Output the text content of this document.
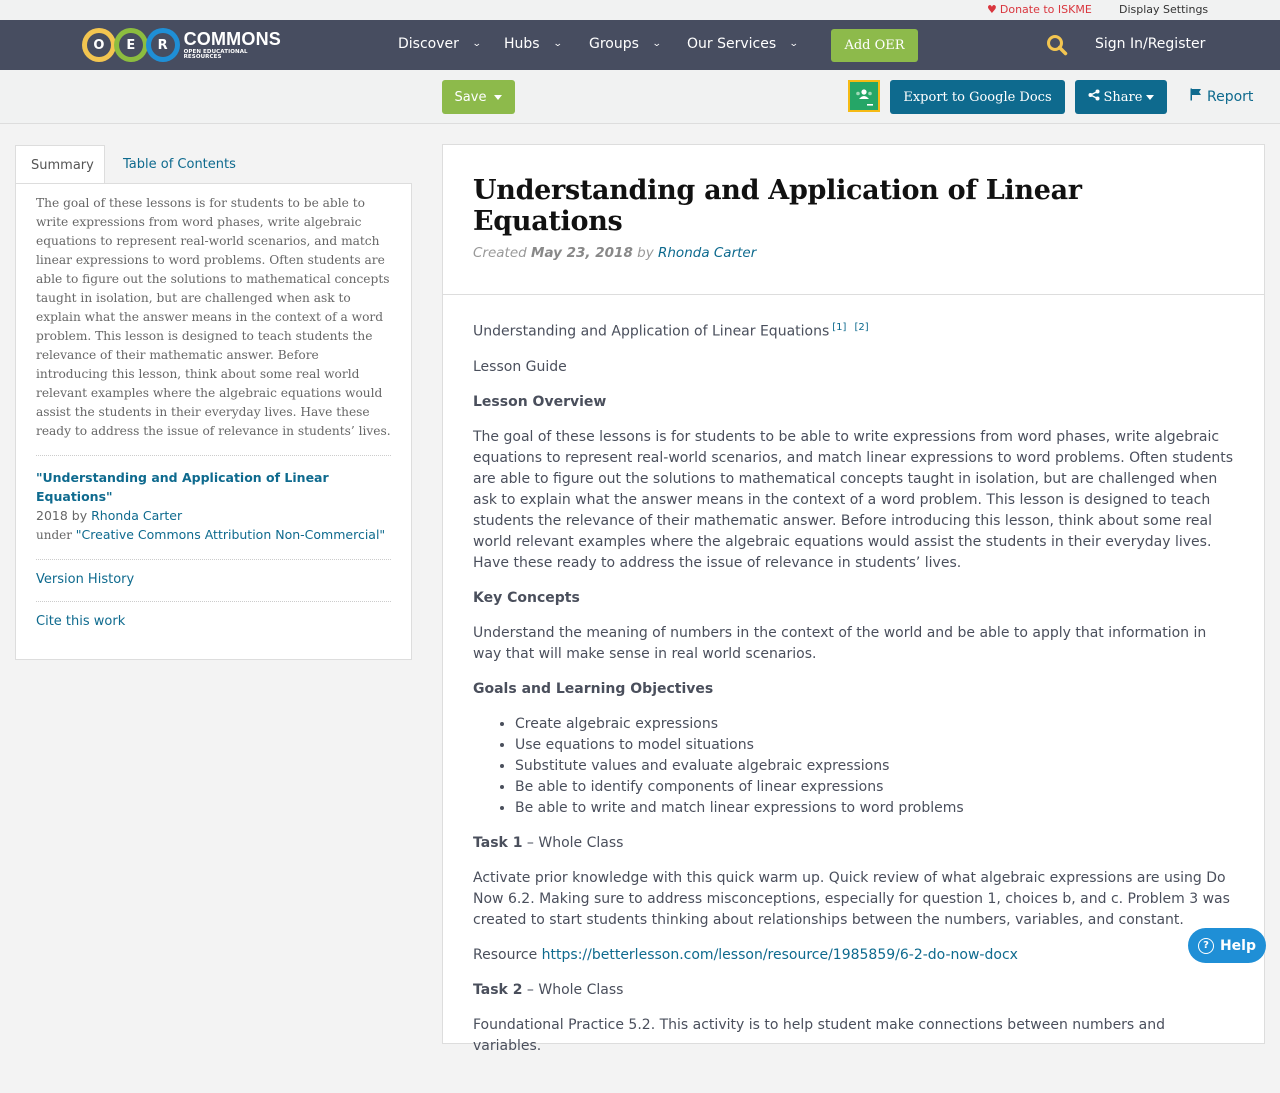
♥ Donate to ISKME Display Settings
O	E	R COMMONS
OPEN EDUCATIONAL RESOURCES
Discover ⌄ Hubs ⌄ Groups ⌄ Our Services ⌄	Add OER	Sign In/Register
Save	Export to Google Docs	Share	Report
Summary	Table of Contents

The goal of these lessons is for students to be able to write expressions from word phases, write algebraic equations to represent real-world scenarios, and match linear expressions to word problems. Often students are able to figure out the solutions to mathematical concepts taught in isolation, but are challenged when ask to explain what the answer means in the context of a word problem. This lesson is designed to teach students the relevance of their mathematic answer. Before introducing this lesson, think about some real world relevant examples where the algebraic equations would assist the students in their everyday lives. Have these ready to address the issue of relevance in students’ lives.

"Understanding and Application of Linear Equations"
2018 by Rhonda Carter
under "Creative Commons Attribution Non-Commercial"
Version History
Cite this work
Understanding and Application of Linear Equations
Created May 23, 2018 by Rhonda Carter

Understanding and Application of Linear Equations [1] [2]

Lesson Guide

Lesson Overview

The goal of these lessons is for students to be able to write expressions from word phases, write algebraic equations to represent real-world scenarios, and match linear expressions to word problems. Often students are able to figure out the solutions to mathematical concepts taught in isolation, but are challenged when ask to explain what the answer means in the context of a word problem. This lesson is designed to teach students the relevance of their mathematic answer. Before introducing this lesson, think about some real world relevant examples where the algebraic equations would assist the students in their everyday lives. Have these ready to address the issue of relevance in students’ lives.

Key Concepts

Understand the meaning of numbers in the context of the world and be able to apply that information in way that will make sense in real world scenarios.

Goals and Learning Objectives

• Create algebraic expressions
• Use equations to model situations
• Substitute values and evaluate algebraic expressions
• Be able to identify components of linear expressions
• Be able to write and match linear expressions to word problems

Task 1 – Whole Class

Activate prior knowledge with this quick warm up. Quick review of what algebraic expressions are using Do Now 6.2. Making sure to address misconceptions, especially for question 1, choices b, and c. Problem 3 was created to start students thinking about relationships between the numbers, variables, and constant.

Resource https://betterlesson.com/lesson/resource/1985859/6-2-do-now-docx

Task 2 – Whole Class

Foundational Practice 5.2. This activity is to help student make connections between numbers and variables.

? Help
